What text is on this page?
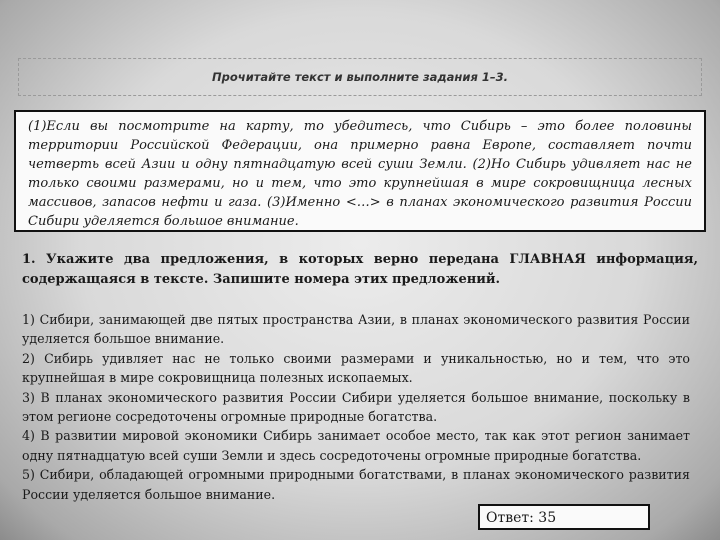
Прочитайте текст и выполните задания 1–3.
(1)Если вы посмотрите на карту, то убедитесь, что Сибирь – это более половины территории Российской Федерации, она примерно равна Европе, составляет почти четверть всей Азии и одну пятнадцатую всей суши Земли. (2)Но Сибирь удивляет нас не только своими размерами, но и тем, что это крупнейшая в мире сокровищница лесных массивов, запасов нефти и газа. (3)Именно <…> в планах экономического развития России Сибири уделяется большое внимание.
1. Укажите два предложения, в которых верно передана ГЛАВНАЯ информация, содержащаяся в тексте. Запишите номера этих предложений.
1) Сибири, занимающей две пятых пространства Азии, в планах экономического развития России уделяется большое внимание.
2) Сибирь удивляет нас не только своими размерами и уникальностью, но и тем, что это крупнейшая в мире сокровищница полезных ископаемых.
3) В планах экономического развития России Сибири уделяется большое внимание, поскольку в этом регионе сосредоточены огромные природные богатства.
4) В развитии мировой экономики Сибирь занимает особое место, так как этот регион занимает одну пятнадцатую всей суши Земли и здесь сосредоточены огромные природные богатства.
5) Сибири, обладающей огромными природными богатствами, в планах экономического развития России уделяется большое внимание.
Ответ: 35
